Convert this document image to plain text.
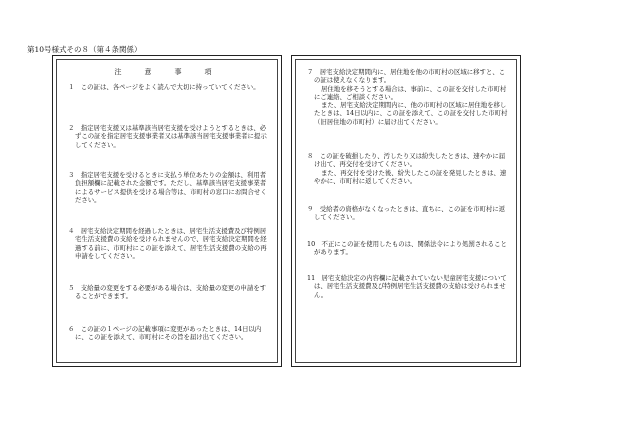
第10号様式その８（第４条関係）
注　意　事　項
１　この証は、各ページをよく読んで大切に持っていてください。
２　指定居宅支援又は基準該当居宅支援を受けようとするときは、必ずこの証を指定居宅支援事業者又は基準該当居宅支援事業者に提示してください。
３　指定居宅支援を受けるときに支払う単位あたりの金額は、利用者負担額欄に記載された金額です。ただし、基準該当居宅支援事業者によるサービス提供を受ける場合等は、市町村の窓口にお問合せください。
４　居宅支給決定期間を経過したときは、居宅生活支援費及び特例居宅生活支援費の支給を受けられませんので、居宅支給決定期間を経過する前に、市町村にこの証を添えて、居宅生活支援費の支給の再申請をしてください。
５　支給量の変更をする必要がある場合は、支給量の変更の申請をすることができます。
６　この証の１ページの記載事項に変更があったときは、14日以内に、この証を添えて、市町村にその旨を届け出てください。
７　居宅支給決定期間内に、居住地を他の市町村の区域に移すと、この証は使えなくなります。
居住地を移そうとする場合は、事前に、この証を交付した市町村にご連絡、ご相談ください。
また、居宅支給決定期間内に、他の市町村の区域に居住地を移したときは、14日以内に、この証を添えて、この証を交付した市町村（旧居住地の市町村）に届け出てください。
８　この証を破損したり、汚したり又は紛失したときは、速やかに届け出て、再交付を受けてください。
また、再交付を受けた後、紛失したこの証を発見したときは、速やかに、市町村に返してください。
９　受給者の資格がなくなったときは、直ちに、この証を市町村に返してください。
10　不正にこの証を使用したものは、関係法令により処罰されることがあります。
11　居宅支給決定の内容欄に記載されていない児童居宅支援については、居宅生活支援費及び特例居宅生活支援費の支給は受けられません。
